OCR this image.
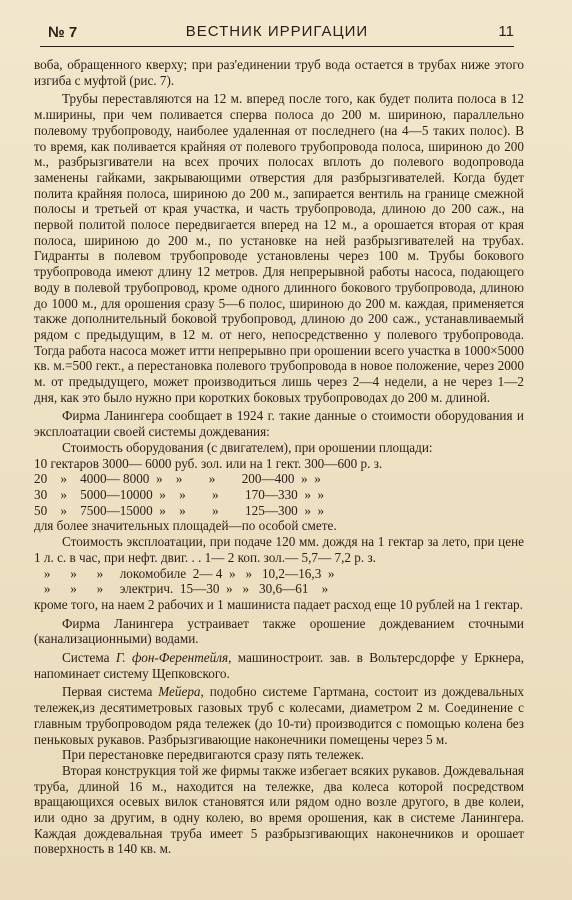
№ 7	ВЕСТНИК ИРРИГАЦИИ	11

воба, обращенного кверху; при раз'единении труб вода остается в трубах ниже этого изгиба с муфтой (рис. 7).

Трубы переставляются на 12 м. вперед после того, как будет полита полоса в 12 м.ширины, при чем поливается сперва полоса до 200 м. шириною, параллельно полевому трубопроводу, наиболее удаленная от последнего (на 4—5 таких полос). В то время, как поливается крайняя от полевого трубопровода полоса, шириною до 200 м., разбрызгиватели на всех прочих полосах вплоть до полевого водопровода заменены гайками, закрывающими отверстия для разбрызгивателей. Когда будет полита крайняя полоса, шириною до 200 м., запирается вентиль на границе смежной полосы и третьей от края участка, и часть трубопровода, длиною до 200 саж., на первой политой полосе передвигается вперед на 12 м., а орошается вторая от края полоса, шириною до 200 м., по установке на ней разбрызгивателей на трубах. Гидранты в полевом трубопроводе установлены через 100 м. Трубы бокового трубопровода имеют длину 12 метров. Для непрерывной работы насоса, подающего воду в полевой трубопровод, кроме одного длинного бокового трубопровода, длиною до 1000 м., для орошения сразу 5—6 полос, шириною до 200 м. каждая, применяется также дополнительный боковой трубопровод, длиною до 200 саж., устанавливаемый рядом с предыдущим, в 12 м. от него, непосредственно у полевого трубопровода. Тогда работа насоса может итти непрерывно при орошении всего участка в 1000×5000 кв. м.=500 гект., а перестановка полевого трубопровода в новое положение, через 2000 м. от предыдущего, может производиться лишь через 2—4 недели, а не через 1—2 дня, как это было нужно при коротких боковых трубопроводах до 200 м. длиной.

Фирма Ланингера сообщает в 1924 г. такие данные о стоимости оборудования и эксплоатации своей системы дождевания:

Стоимость оборудования (с двигателем), при орошении площади:

10 гектаров 3000— 6000 руб. зол. или на 1 гект. 300—600 р. з.
20    »    4000— 8000  »    »        »        200—400  »  »
30    »    5000—10000  »    »        »        170—330  »  »
50    »    7500—15000  »    »        »        125—300  »  »

для более значительных площадей—по особой смете.

Стоимость эксплоатации, при подаче 120 мм. дождя на 1 гектар за лето, при цене 1 л. с. в час, при нефт. двиг. . . 1— 2 коп. зол.— 5,7— 7,2 р. з.

»      »      »     локомобиле  2— 4  »   »   10,2—16,3  »
»      »      »     электрич.  15—30  »   »   30,6—61    »

кроме того, на наем 2 рабочих и 1 машиниста падает расход еще 10 рублей на 1 гектар.

Фирма Ланингера устраивает также орошение дождеванием сточными (канализационными) водами.

Система Г. фон-Ферентейля, машиностроит. зав. в Вольтерсдорфе у Еркнера, напоминает систему Щепковского.

Первая система Мейера, подобно системе Гартмана, состоит из дождевальных тележек,из десятиметровых газовых труб с колесами, диаметром 2 м. Соединение с главным трубопроводом ряда тележек (до 10-ти) производится с помощью колена без пеньковых рукавов. Разбрызгивающие наконечники помещены через 5 м.

При перестановке передвигаются сразу пять тележек.

Вторая конструкция той же фирмы также избегает всяких рукавов. Дождевальная труба, длиной 16 м., находится на тележке, два колеса которой посредством вращающихся осевых вилок становятся или рядом одно возле другого, в две колеи, или одно за другим, в одну колею, во время орошения, как в системе Ланингера. Каждая дождевальная труба имеет 5 разбрызгивающих наконечников и орошает поверхность в 140 кв. м.
